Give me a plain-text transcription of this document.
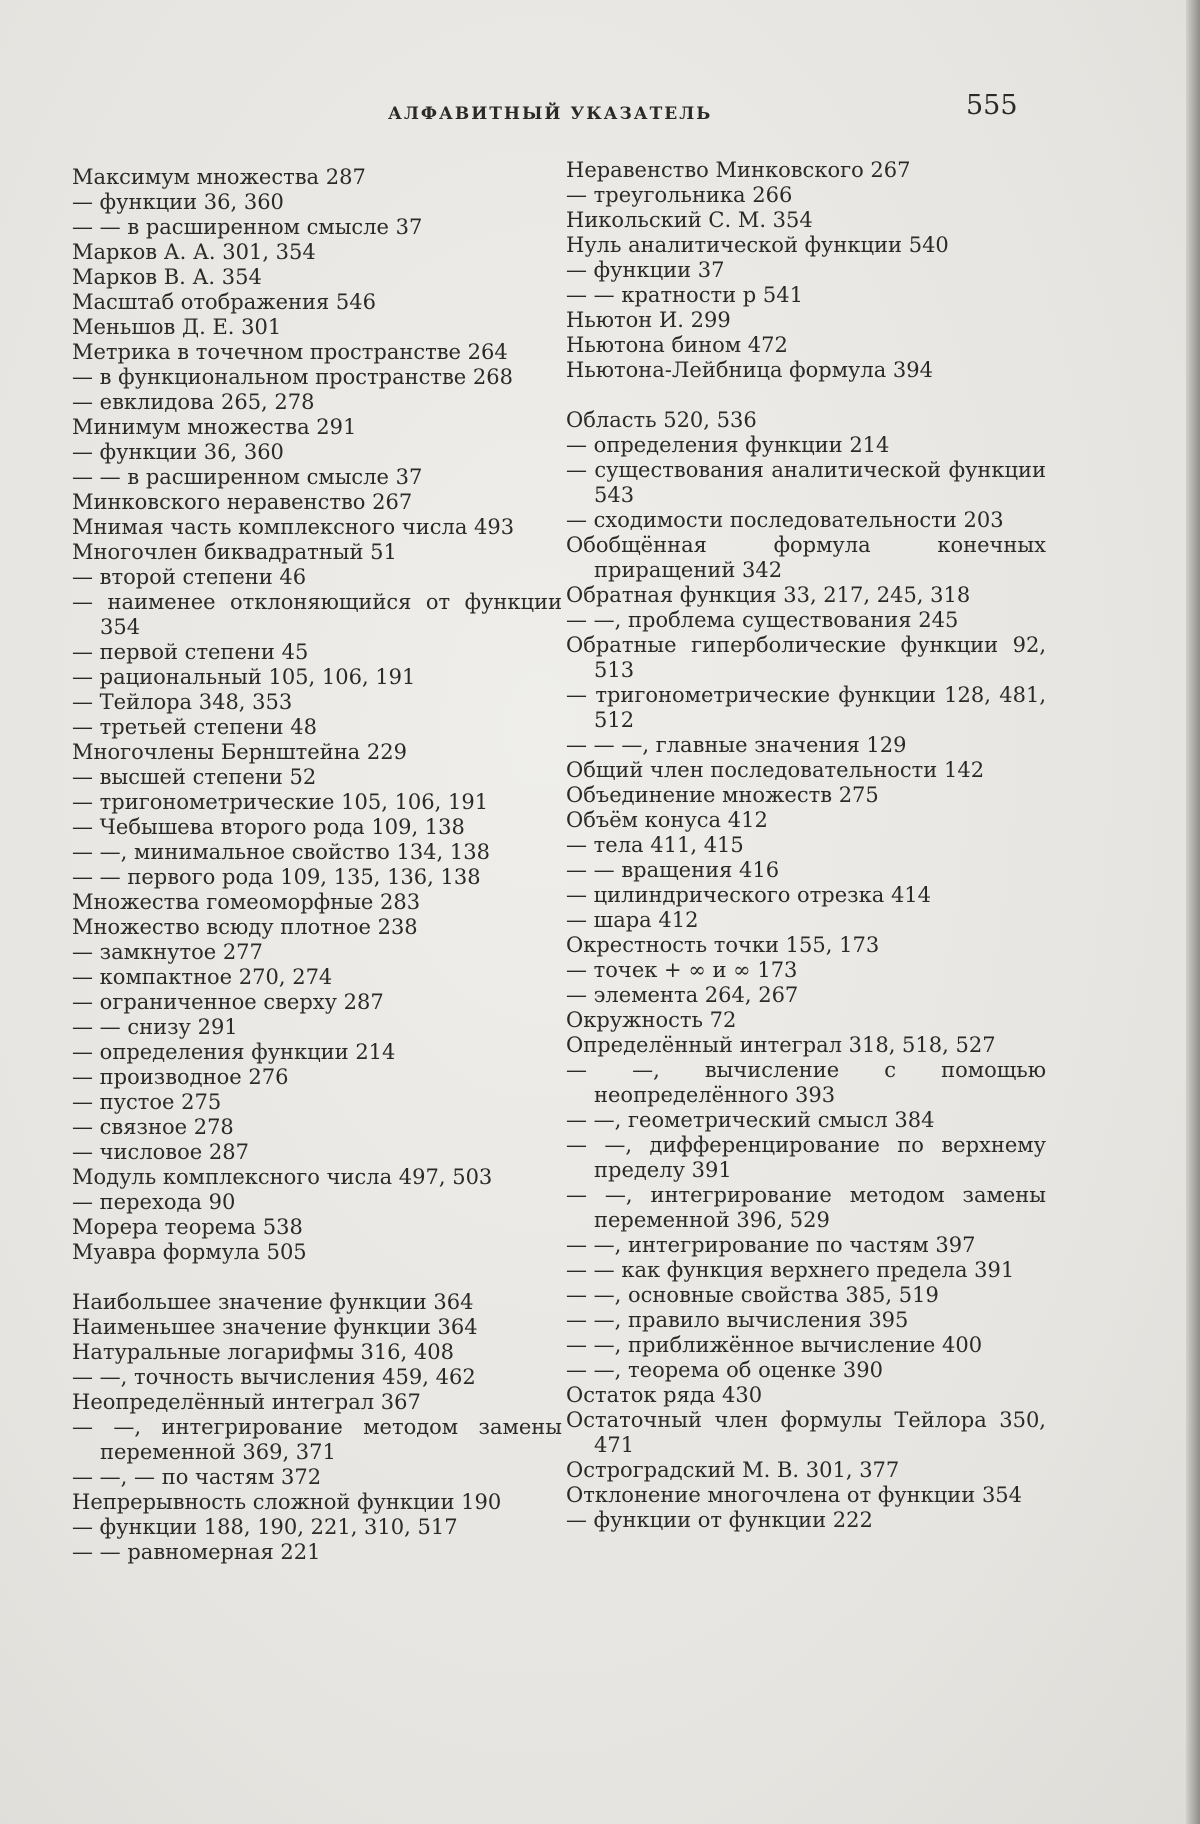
АЛФАВИТНЫЙ УКАЗАТЕЛЬ	555
Максимум множества 287
— функции 36, 360
— — в расширенном смысле 37
Марков А. А. 301, 354
Марков В. А. 354
Масштаб отображения 546
Меньшов Д. Е. 301
Метрика в точечном пространстве 264
— в функциональном пространстве 268
— евклидова 265, 278
Минимум множества 291
— функции 36, 360
— — в расширенном смысле 37
Минковского неравенство 267
Мнимая часть комплексного числа 493
Многочлен биквадратный 51
— второй степени 46
— наименее отклоняющийся от функции 354
— первой степени 45
— рациональный 105, 106, 191
— Тейлора 348, 353
— третьей степени 48
Многочлены Бернштейна 229
— высшей степени 52
— тригонометрические 105, 106, 191
— Чебышева второго рода 109, 138
— —, минимальное свойство 134, 138
— — первого рода 109, 135, 136, 138
Множества гомеоморфные 283
Множество всюду плотное 238
— замкнутое 277
— компактное 270, 274
— ограниченное сверху 287
— — снизу 291
— определения функции 214
— производное 276
— пустое 275
— связное 278
— числовое 287
Модуль комплексного числа 497, 503
— перехода 90
Морера теорема 538
Муавра формула 505
Наибольшее значение функции 364
Наименьшее значение функции 364
Натуральные логарифмы 316, 408
— —, точность вычисления 459, 462
Неопределённый интеграл 367
— —, интегрирование методом замены переменной 369, 371
— —, — по частям 372
Непрерывность сложной функции 190
— функции 188, 190, 221, 310, 517
— — равномерная 221
Неравенство Минковского 267
— треугольника 266
Никольский С. М. 354
Нуль аналитической функции 540
— функции 37
— — кратности p 541
Ньютон И. 299
Ньютона бином 472
Ньютона-Лейбница формула 394
Область 520, 536
— определения функции 214
— существования аналитической функции 543
— сходимости последовательности 203
Обобщённая формула конечных приращений 342
Обратная функция 33, 217, 245, 318
— —, проблема существования 245
Обратные гиперболические функции 92, 513
— тригонометрические функции 128, 481, 512
— — —, главные значения 129
Общий член последовательности 142
Объединение множеств 275
Объём конуса 412
— тела 411, 415
— — вращения 416
— цилиндрического отрезка 414
— шара 412
Окрестность точки 155, 173
— точек + ∞ и ∞ 173
— элемента 264, 267
Окружность 72
Определённый интеграл 318, 518, 527
— —, вычисление с помощью неопределённого 393
— —, геометрический смысл 384
— —, дифференцирование по верхнему пределу 391
— —, интегрирование методом замены переменной 396, 529
— —, интегрирование по частям 397
— — как функция верхнего предела 391
— —, основные свойства 385, 519
— —, правило вычисления 395
— —, приближённое вычисление 400
— —, теорема об оценке 390
Остаток ряда 430
Остаточный член формулы Тейлора 350, 471
Остроградский М. В. 301, 377
Отклонение многочлена от функции 354
— функции от функции 222
